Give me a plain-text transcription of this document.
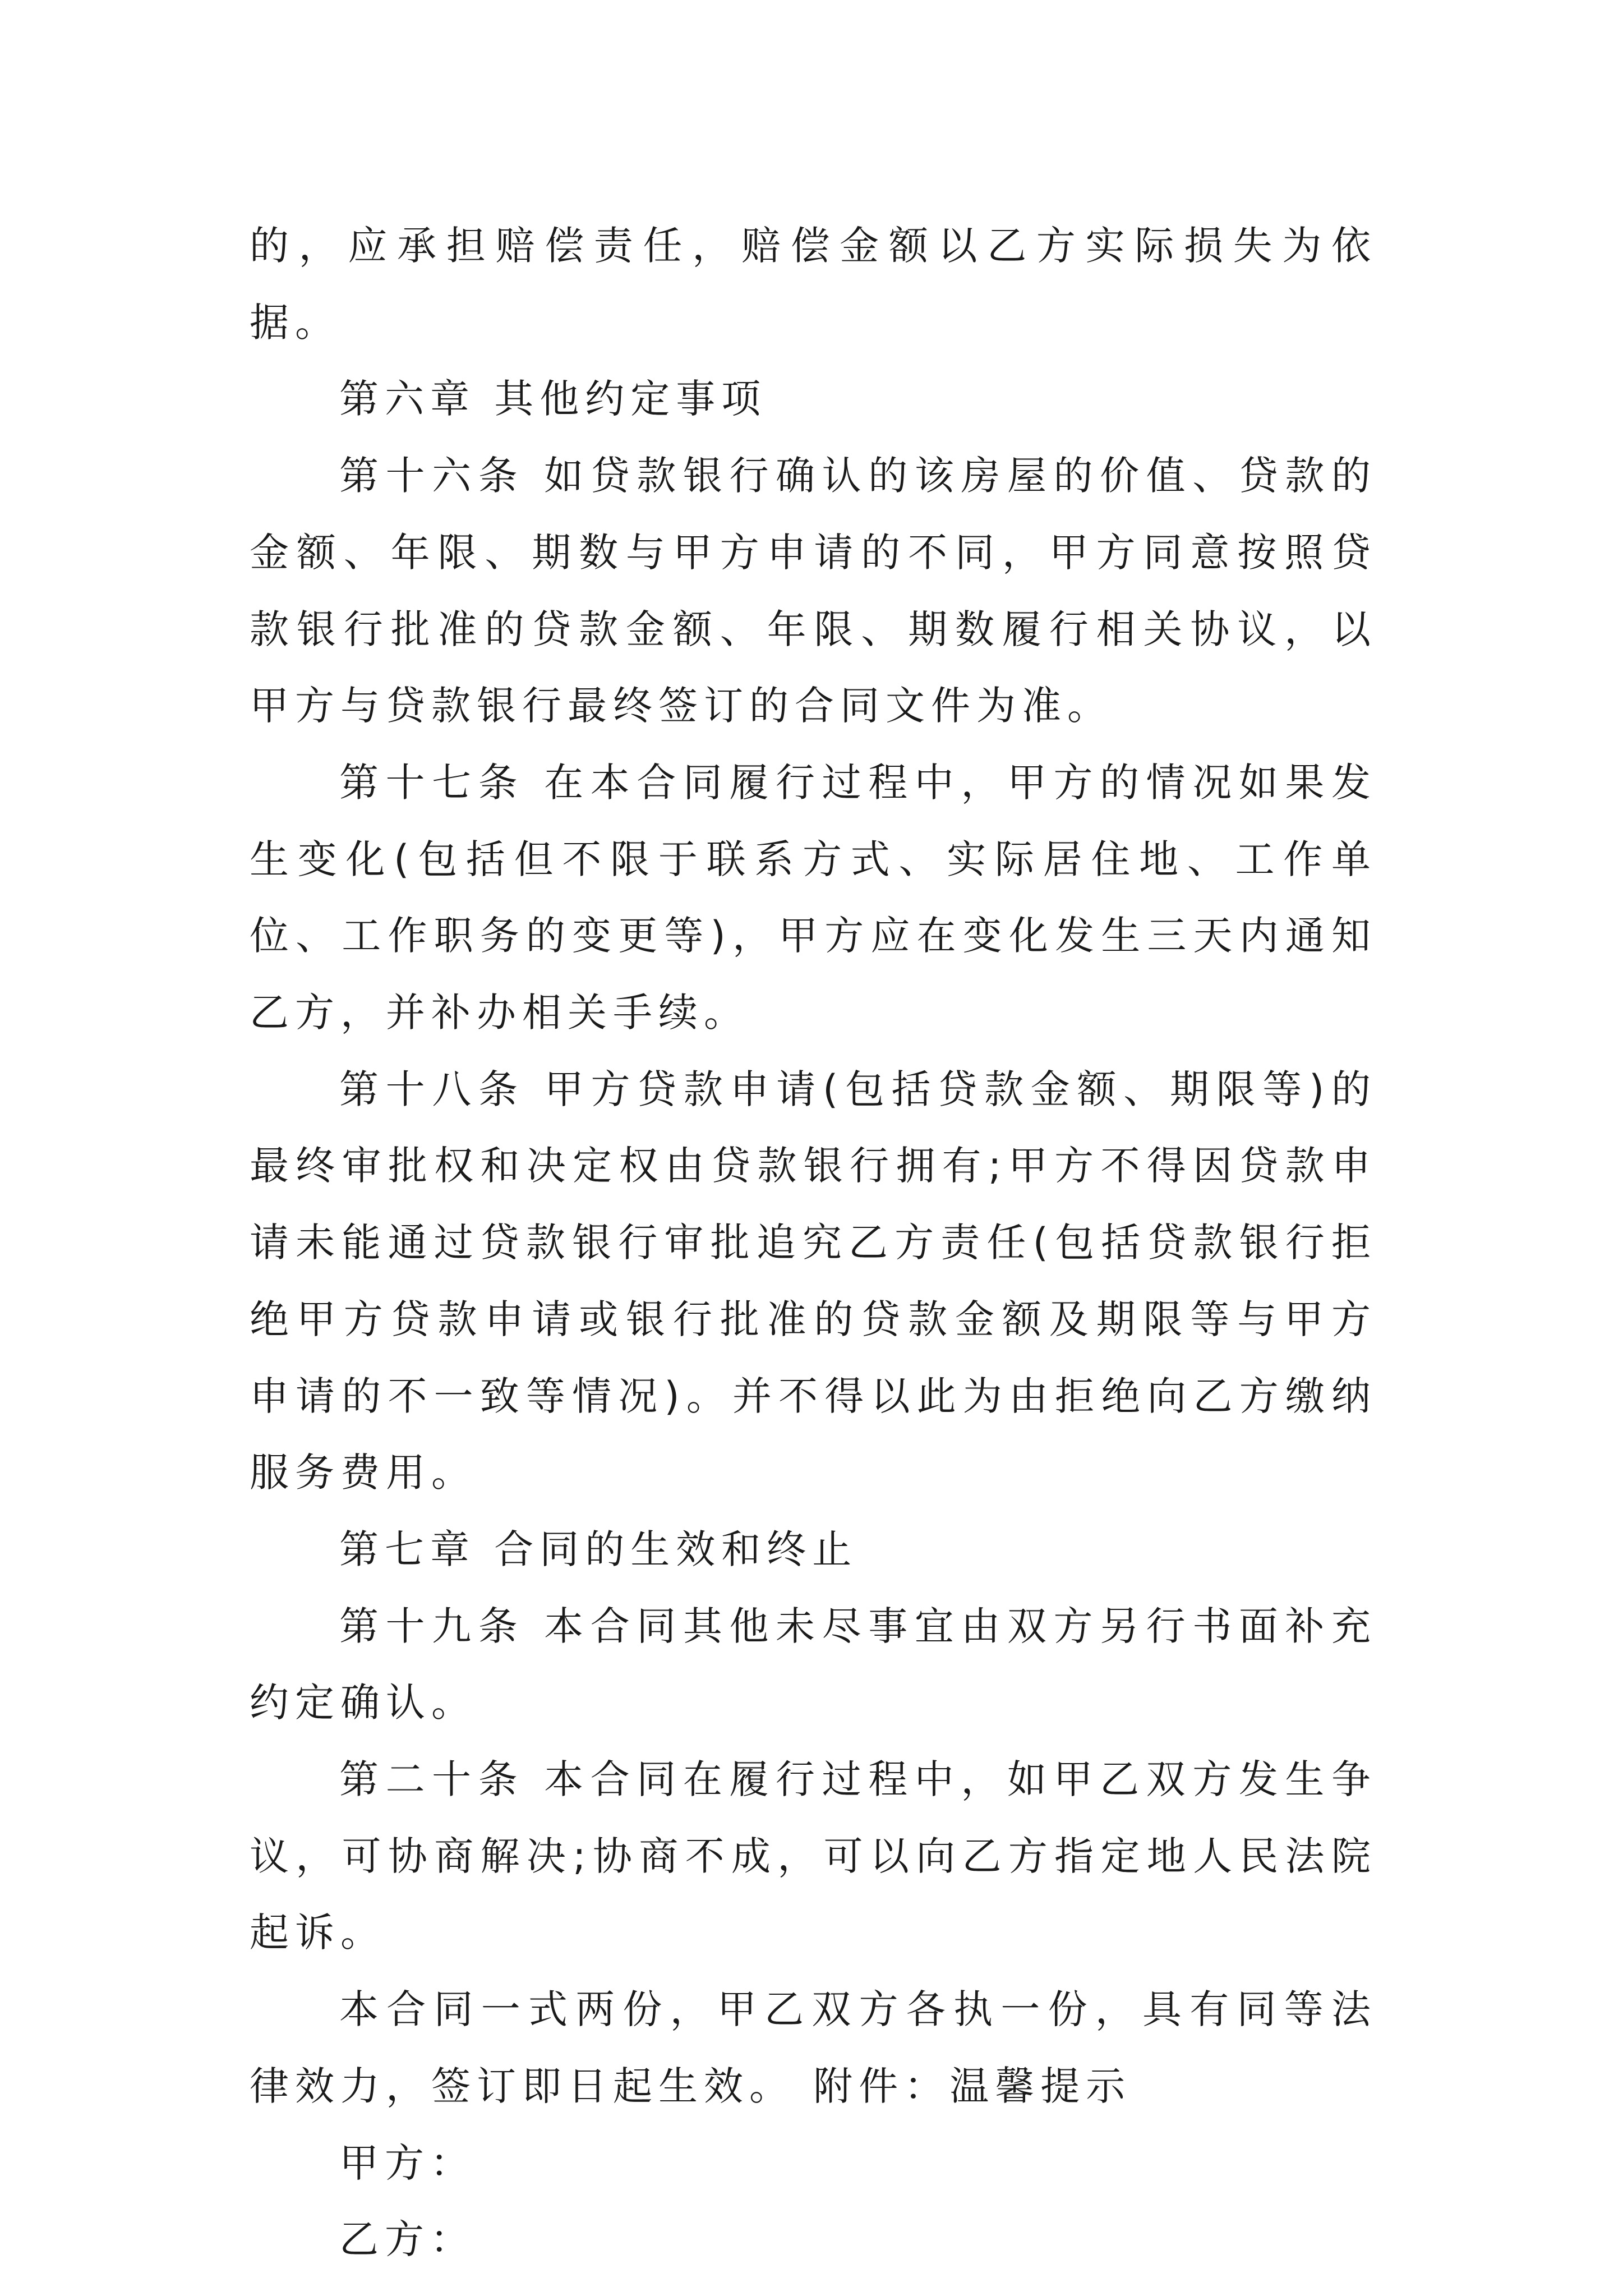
的，应承担赔偿责任，赔偿金额以乙方实际损失为依据。

第六章 其他约定事项

第十六条 如贷款银行确认的该房屋的价值、贷款的金额、年限、期数与甲方申请的不同，甲方同意按照贷款银行批准的贷款金额、年限、期数履行相关协议，以甲方与贷款银行最终签订的合同文件为准。

第十七条 在本合同履行过程中，甲方的情况如果发生变化(包括但不限于联系方式、实际居住地、工作单位、工作职务的变更等)，甲方应在变化发生三天内通知乙方，并补办相关手续。

第十八条 甲方贷款申请(包括贷款金额、期限等)的最终审批权和决定权由贷款银行拥有;甲方不得因贷款申请未能通过贷款银行审批追究乙方责任(包括贷款银行拒绝甲方贷款申请或银行批准的贷款金额及期限等与甲方申请的不一致等情况)。并不得以此为由拒绝向乙方缴纳服务费用。

第七章 合同的生效和终止

第十九条 本合同其他未尽事宜由双方另行书面补充约定确认。

第二十条 本合同在履行过程中，如甲乙双方发生争议，可协商解决;协商不成，可以向乙方指定地人民法院起诉。

本合同一式两份，甲乙双方各执一份，具有同等法律效力，签订即日起生效。 附件：温馨提示

甲方：

乙方：
